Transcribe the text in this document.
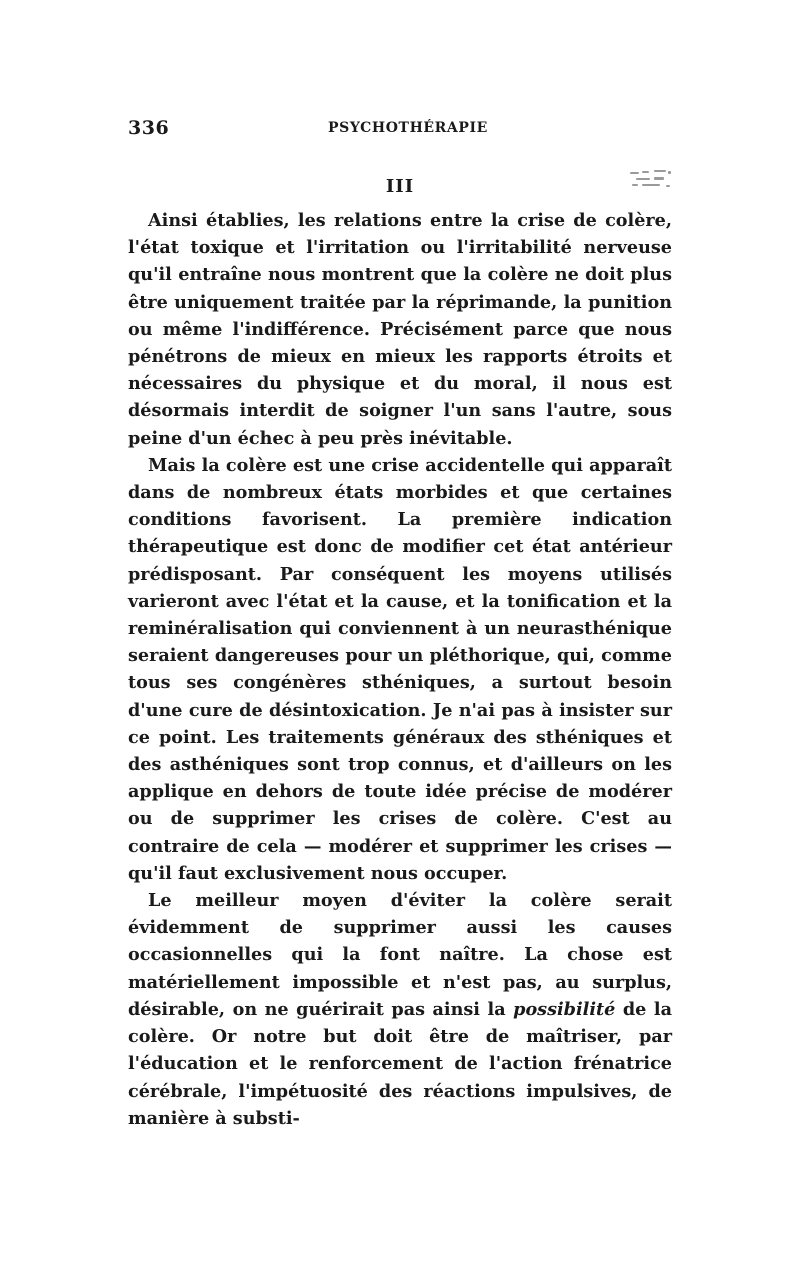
336	PSYCHOTHÉRAPIE
III

Ainsi établies, les relations entre la crise de colère, l'état toxique et l'irritation ou l'irritabilité nerveuse qu'il entraîne nous montrent que la colère ne doit plus être uniquement traitée par la réprimande, la punition ou même l'indifférence. Précisément parce que nous pénétrons de mieux en mieux les rapports étroits et nécessaires du physique et du moral, il nous est désormais interdit de soigner l'un sans l'autre, sous peine d'un échec à peu près inévitable.

Mais la colère est une crise accidentelle qui apparaît dans de nombreux états morbides et que certaines conditions favorisent. La première indication thérapeutique est donc de modifier cet état antérieur prédisposant. Par conséquent les moyens utilisés varieront avec l'état et la cause, et la tonification et la reminéralisation qui conviennent à un neurasthénique seraient dangereuses pour un pléthorique, qui, comme tous ses congénères sthéniques, a surtout besoin d'une cure de désintoxication. Je n'ai pas à insister sur ce point. Les traitements généraux des sthéniques et des asthéniques sont trop connus, et d'ailleurs on les applique en dehors de toute idée précise de modérer ou de supprimer les crises de colère. C'est au contraire de cela — modérer et supprimer les crises — qu'il faut exclusivement nous occuper.

Le meilleur moyen d'éviter la colère serait évidemment de supprimer aussi les causes occasionnelles qui la font naître. La chose est matériellement impossible et n'est pas, au surplus, désirable, on ne guérirait pas ainsi la possibilité de la colère. Or notre but doit être de maîtriser, par l'éducation et le renforcement de l'action frénatrice cérébrale, l'impétuosité des réactions impulsives, de manière à substi-
